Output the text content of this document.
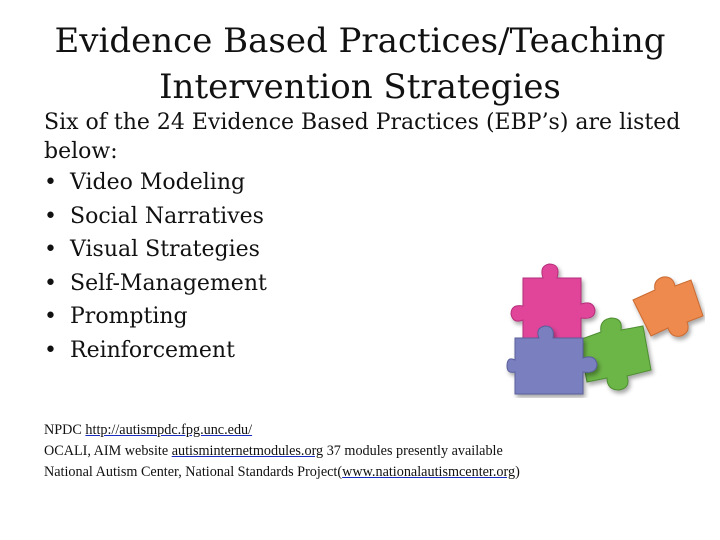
Evidence Based Practices/Teaching
Intervention Strategies
Six of the 24 Evidence Based Practices (EBP’s) are listed below:
• Video Modeling
• Social Narratives
• Visual Strategies
• Self-Management
• Prompting
• Reinforcement
NPDC http://autismpdc.fpg.unc.edu/
OCALI, AIM website autisminternetmodules.org 37 modules presently available
National Autism Center, National Standards Project(www.nationalautismcenter.org)
